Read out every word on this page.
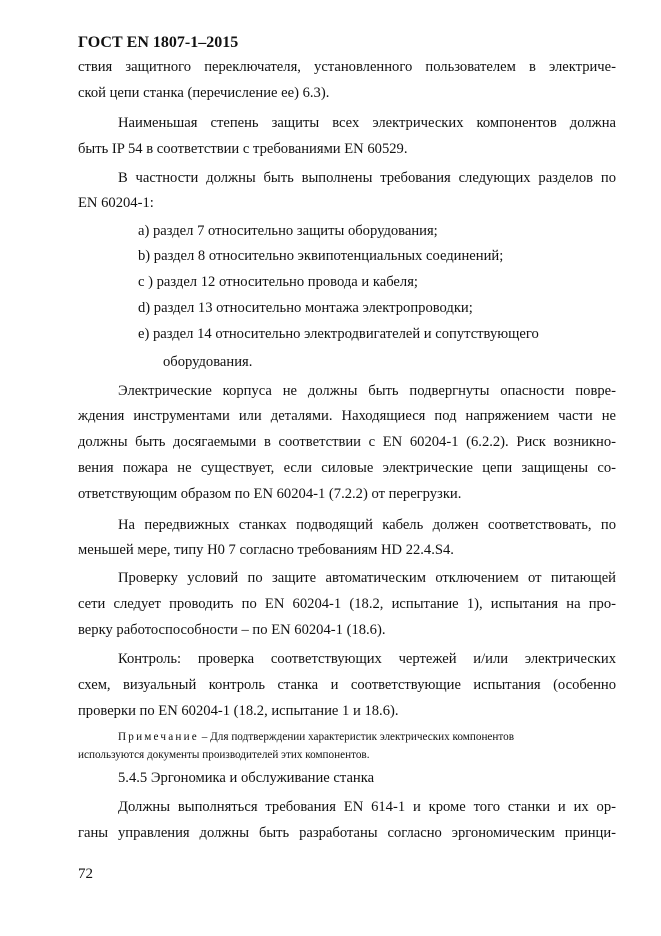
ГОСТ EN 1807-1–2015
ствия защитного переключателя, установленного пользователем в электриче-
ской цепи станка (перечисление ee) 6.3).
Наименьшая степень защиты всех электрических компонентов должна
быть IP 54 в соответствии с требованиями EN 60529.
В частности должны быть выполнены требования следующих разделов по
EN 60204-1:
a) раздел 7 относительно защиты оборудования;
b) раздел 8 относительно эквипотенциальных соединений;
c ) раздел 12 относительно провода и кабеля;
d) раздел 13 относительно монтажа электропроводки;
e) раздел 14 относительно электродвигателей и сопутствующего
оборудования.
Электрические корпуса не должны быть подвергнуты опасности повре-
ждения инструментами или деталями. Находящиеся под напряжением части не
должны быть досягаемыми в соответствии с EN 60204-1 (6.2.2). Риск возникно-
вения пожара не существует, если силовые электрические цепи защищены со-
ответствующим образом по EN 60204-1 (7.2.2) от перегрузки.
На передвижных станках подводящий кабель должен соответствовать, по
меньшей мере, типу H0 7 согласно требованиям HD 22.4.S4.
Проверку условий по защите автоматическим отключением от питающей
сети следует проводить по EN 60204-1 (18.2, испытание 1), испытания на про-
верку работоспособности – по EN 60204-1 (18.6).
Контроль: проверка соответствующих чертежей и/или электрических
схем, визуальный контроль станка и соответствующие испытания (особенно
проверки по EN 60204-1 (18.2, испытание 1 и 18.6).
Примечание – Для подтверждении характеристик электрических компонентов
используются документы производителей этих компонентов.
5.4.5 Эргономика и обслуживание станка
Должны выполняться требования EN 614-1 и кроме того станки и их ор-
ганы управления должны быть разработаны согласно эргономическим принци-
72
